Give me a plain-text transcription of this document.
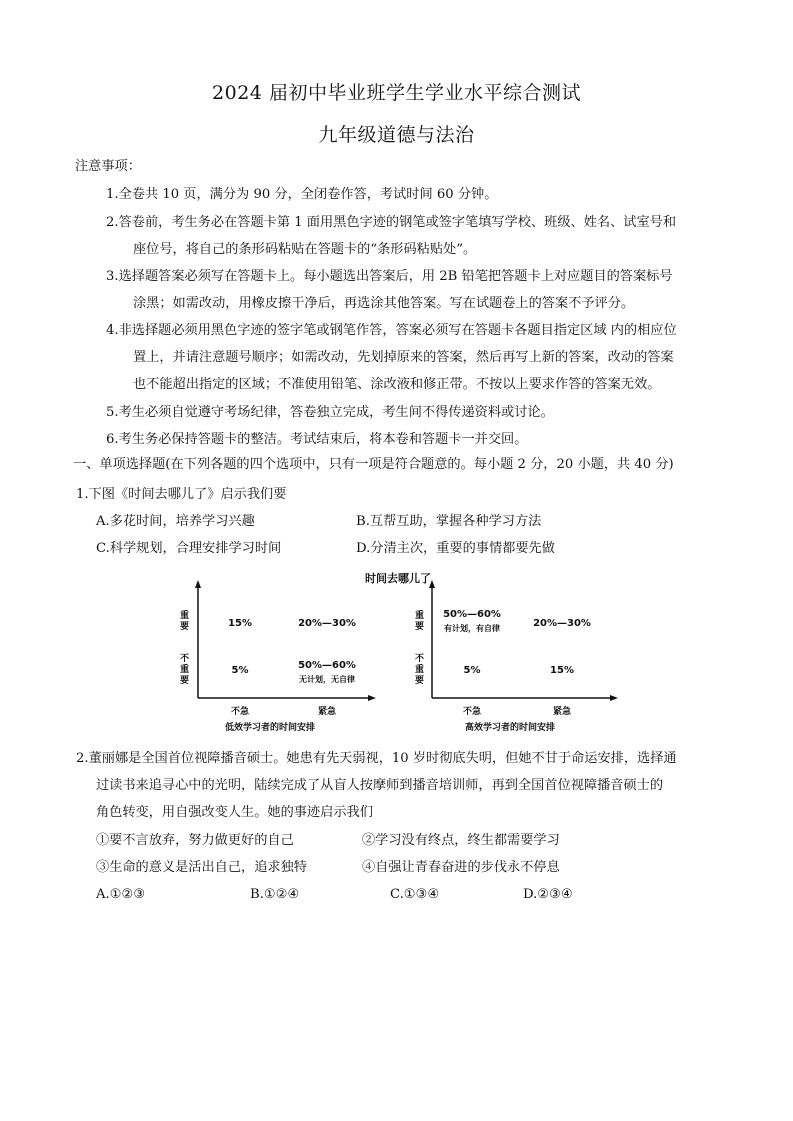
2024 届初中毕业班学生学业水平综合测试
九年级道德与法治
注意事项：
1.全卷共 10 页，满分为 90 分，全闭卷作答，考试时间 60 分钟。
2.答卷前，考生务必在答题卡第 1 面用黑色字迹的钢笔或签字笔填写学校、班级、姓名、试室号和
座位号，将自己的条形码粘贴在答题卡的“条形码粘贴处”。
3.选择题答案必须写在答题卡上。每小题选出答案后，用 2B 铅笔把答题卡上对应题目的答案标号
涂黑；如需改动，用橡皮擦干净后，再选涂其他答案。写在试题卷上的答案不予评分。
4.非选择题必须用黑色字迹的签字笔或钢笔作答，答案必须写在答题卡各题目指定区域 内的相应位
置上，并请注意题号顺序；如需改动，先划掉原来的答案，然后再写上新的答案，改动的答案
也不能超出指定的区域；不准使用铅笔、涂改液和修正带。不按以上要求作答的答案无效。
5.考生必须自觉遵守考场纪律，答卷独立完成，考生间不得传递资料或讨论。
6.考生务必保持答题卡的整洁。考试结束后，将本卷和答题卡一并交回。
一、单项选择题(在下列各题的四个选项中，只有一项是符合题意的。每小题 2 分，20 小题，共 40 分)
1.下图《时间去哪儿了》启示我们要
A.多花时间，培养学习兴趣	B.互帮互助，掌握各种学习方法
C.科学规划，合理安排学习时间	D.分清主次，重要的事情都要先做
时间去哪儿了
重要
不重要
15%	20%—30%
5%	50%—60%
无计划，无自律
不急	紧急
低效学习者的时间安排
重要
不重要
50%—60%
有计划，有自律	20%—30%
5%	15%
不急	紧急
高效学习者的时间安排
2.董丽娜是全国首位视障播音硕士。她患有先天弱视，10 岁时彻底失明，但她不甘于命运安排，选择通
过读书来追寻心中的光明，陆续完成了从盲人按摩师到播音培训师，再到全国首位视障播音硕士的
角色转变，用自强改变人生。她的事迹启示我们
①要不言放弃，努力做更好的自己	②学习没有终点，终生都需要学习
③生命的意义是活出自己，追求独特	④自强让青春奋进的步伐永不停息
A.①②③	B.①②④	C.①③④	D.②③④
